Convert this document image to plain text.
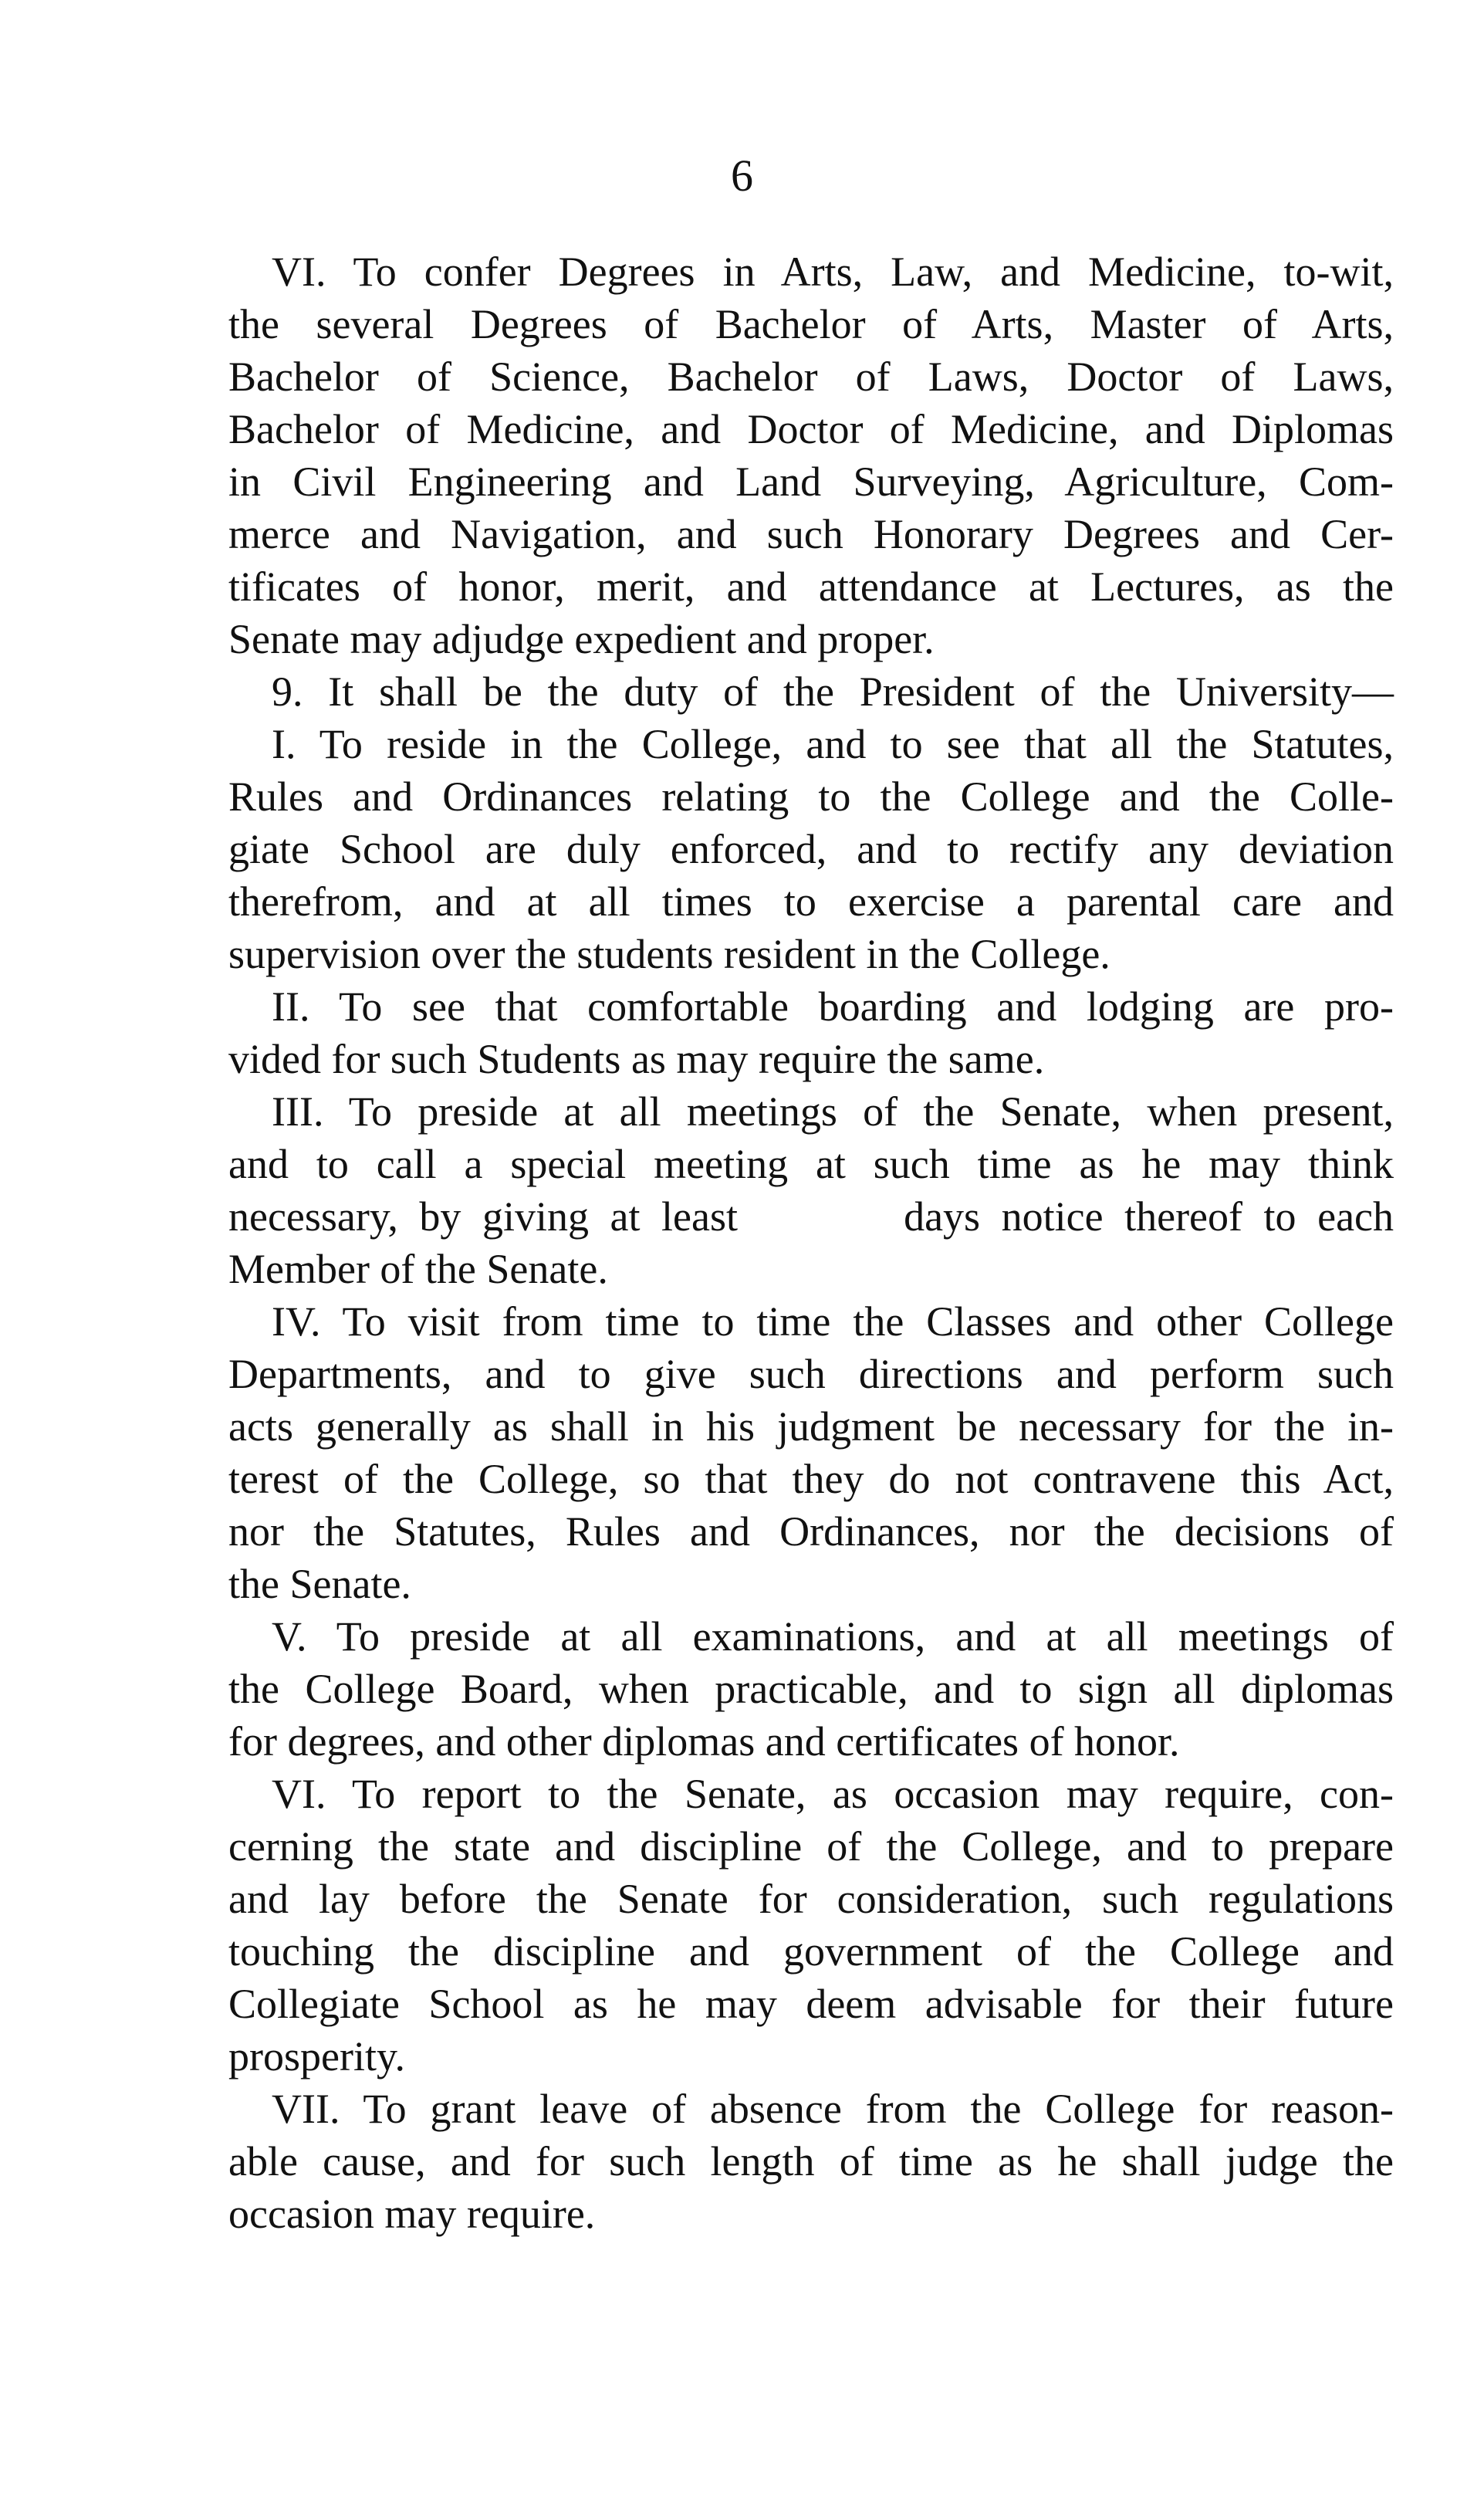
6
VI. To confer Degrees in Arts, Law, and Medicine, to-wit,
the several Degrees of Bachelor of Arts, Master of Arts,
Bachelor of Science, Bachelor of Laws, Doctor of Laws,
Bachelor of Medicine, and Doctor of Medicine, and Diplomas
in Civil Engineering and Land Surveying, Agriculture, Com-
merce and Navigation, and such Honorary Degrees and Cer-
tificates of honor, merit, and attendance at Lectures, as the
Senate may adjudge expedient and proper.
9. It shall be the duty of the President of the University—
I. To reside in the College, and to see that all the Statutes,
Rules and Ordinances relating to the College and the Colle-
giate School are duly enforced, and to rectify any deviation
therefrom, and at all times to exercise a parental care and
supervision over the students resident in the College.
II. To see that comfortable boarding and lodging are pro-
vided for such Students as may require the same.
III. To preside at all meetings of the Senate, when present,
and to call a special meeting at such time as he may think
necessary, by giving at least	days notice thereof to each
Member of the Senate.
IV. To visit from time to time the Classes and other College
Departments, and to give such directions and perform such
acts generally as shall in his judgment be necessary for the in-
terest of the College, so that they do not contravene this Act,
nor the Statutes, Rules and Ordinances, nor the decisions of
the Senate.
V. To preside at all examinations, and at all meetings of
the College Board, when practicable, and to sign all diplomas
for degrees, and other diplomas and certificates of honor.
VI. To report to the Senate, as occasion may require, con-
cerning the state and discipline of the College, and to prepare
and lay before the Senate for consideration, such regulations
touching the discipline and government of the College and
Collegiate School as he may deem advisable for their future
prosperity.
VII. To grant leave of absence from the College for reason-
able cause, and for such length of time as he shall judge the
occasion may require.
